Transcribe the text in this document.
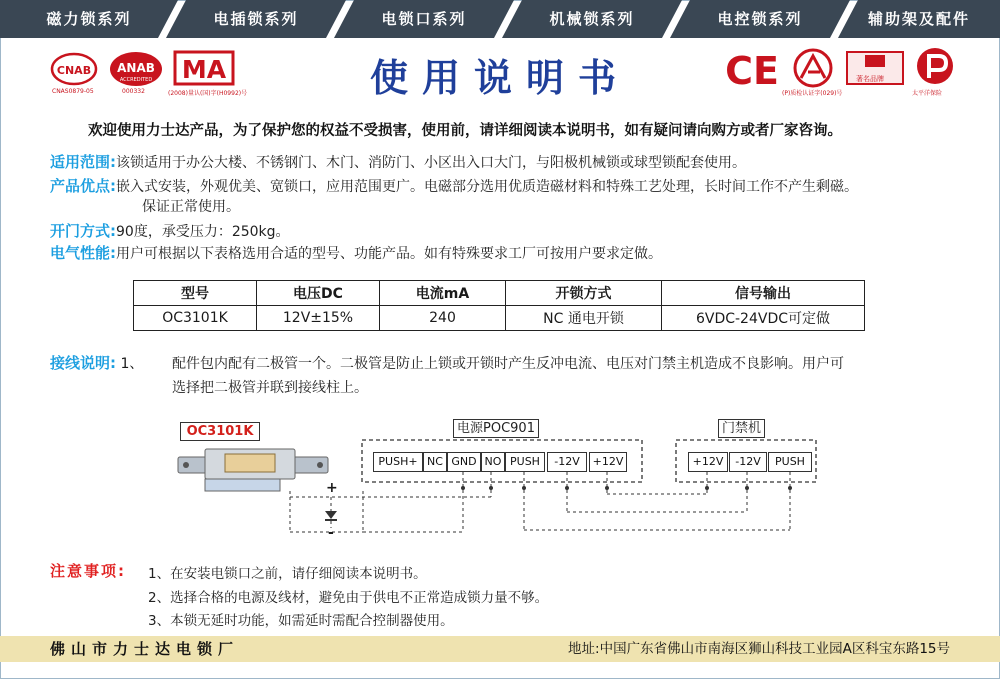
磁力锁系列	电插锁系列	电锁口系列	机械锁系列	电控锁系列	辅助架及配件
CNAB
CNAS0879-05
ANAB
ACCREDITED
000332
MA
(2008)量认(国)字(H0992)号	使用说明书	CE
(P)质检认证字(029)号
著名品牌
太平洋保险
欢迎使用力士达产品，为了保护您的权益不受损害，使用前，请详细阅读本说明书，如有疑问请向购方或者厂家咨询。
适用范围:该锁适用于办公大楼、不锈钢门、木门、消防门、小区出入口大门，与阳极机械锁或球型锁配套使用。
产品优点:嵌入式安装，外观优美、宽锁口，应用范围更广。电磁部分选用优质造磁材料和特殊工艺处理，长时间工作不产生剩磁。
保证正常使用。
开门方式:90度，承受压力：250kg。
电气性能:用户可根据以下表格选用合适的型号、功能产品。如有特殊要求工厂可按用户要求定做。
型号	电压DC	电流mA	开锁方式	信号输出
OC3101K	12V±15%	240	NC 通电开锁	6VDC-24VDC可定做
接线说明: 1、 配件包内配有二极管一个。二极管是防止上锁或开锁时产生反冲电流、电压对门禁主机造成不良影响。用户可
选择把二极管并联到接线柱上。
OC3101K
+
-
电源POC901	门禁机
PUSH+ NC GND NO PUSH	-12V	+12V	+12V	-12V	PUSH
注意事项: 1、在安装电锁口之前，请仔细阅读本说明书。
2、选择合格的电源及线材，避免由于供电不正常造成锁力量不够。
3、本锁无延时功能，如需延时需配合控制器使用。
佛山市力士达电锁厂	地址:中国广东省佛山市南海区狮山科技工业园A区科宝东路15号
